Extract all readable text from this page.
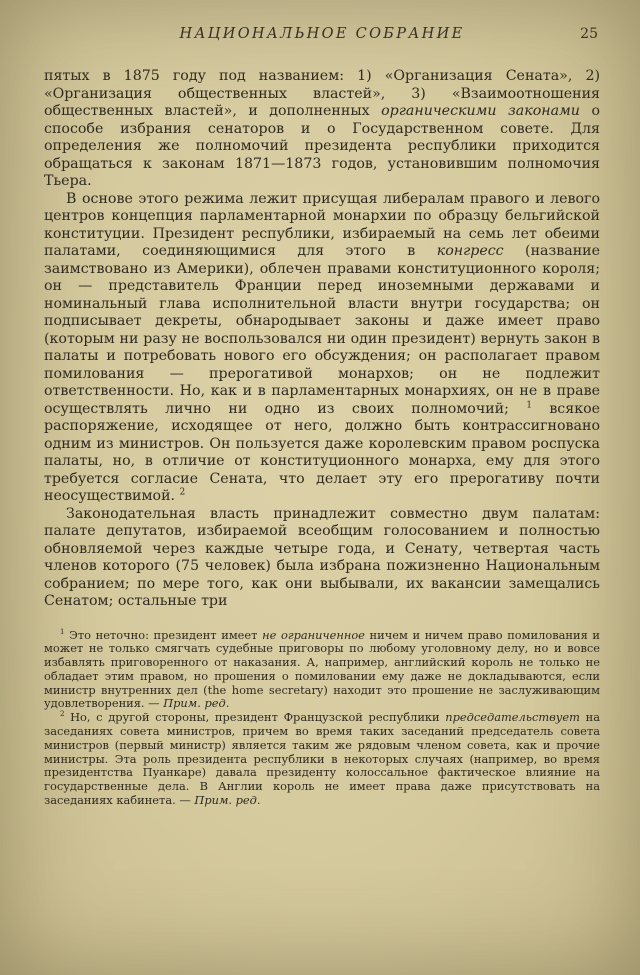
НАЦИОНАЛЬНОЕ СОБРАНИЕ	25

пятых в 1875 году под названием: 1) «Организация Сената», 2) «Организация общественных властей», 3) «Взаимоотношения общественных властей», и дополненных органическими законами о способе избрания сенаторов и о Государственном совете. Для определения же полномочий президента республики приходится обращаться к законам 1871—1873 годов, установившим полномочия Тьера.

В основе этого режима лежит присущая либералам правого и левого центров концепция парламентарной монархии по образцу бельгийской конституции. Президент республики, избираемый на семь лет обеими палатами, соединяющимися для этого в конгресс (название заимствовано из Америки), облечен правами конституционного короля; он — представитель Франции перед иноземными державами и номинальный глава исполнительной власти внутри государства; он подписывает декреты, обнародывает законы и даже имеет право (которым ни разу не воспользовался ни один президент) вернуть закон в палаты и потребовать нового его обсуждения; он располагает правом помилования — прерогативой монархов; он не подлежит ответственности. Но, как и в парламентарных монархиях, он не в праве осуществлять лично ни одно из своих полномочий; $^1$ всякое распоряжение, исходящее от него, должно быть контрассигновано одним из министров. Он пользуется даже королевским правом роспуска палаты, но, в отличие от конституционного монарха, ему для этого требуется согласие Сената, что делает эту его прерогативу почти неосуществимой. $^2$

Законодательная власть принадлежит совместно двум палатам: палате депутатов, избираемой всеобщим голосованием и полностью обновляемой через каждые четыре года, и Сенату, четвертая часть членов которого (75 человек) была избрана пожизненно Национальным собранием; по мере того, как они выбывали, их вакансии замещались Сенатом; остальные три

$^1$ Это неточно: президент имеет не ограниченное ничем и ничем право помилования и может не только смягчать судебные приговоры по любому уголовному делу, но и вовсе избавлять приговоренного от наказания. А, например, английский король не только не обладает этим правом, но прошения о помиловании ему даже не докладываются, если министр внутренних дел (the home secretary) находит это прошение не заслуживающим удовлетворения. — Прим. ред.

$^2$ Но, с другой стороны, президент Французской республики председательствует на заседаниях совета министров, причем во время таких заседаний председатель совета министров (первый министр) является таким же рядовым членом совета, как и прочие министры. Эта роль президента республики в некоторых случаях (например, во время президентства Пуанкаре) давала президенту колоссальное фактическое влияние на государственные дела. В Англии король не имеет права даже присутствовать на заседаниях кабинета. — Прим. ред.
